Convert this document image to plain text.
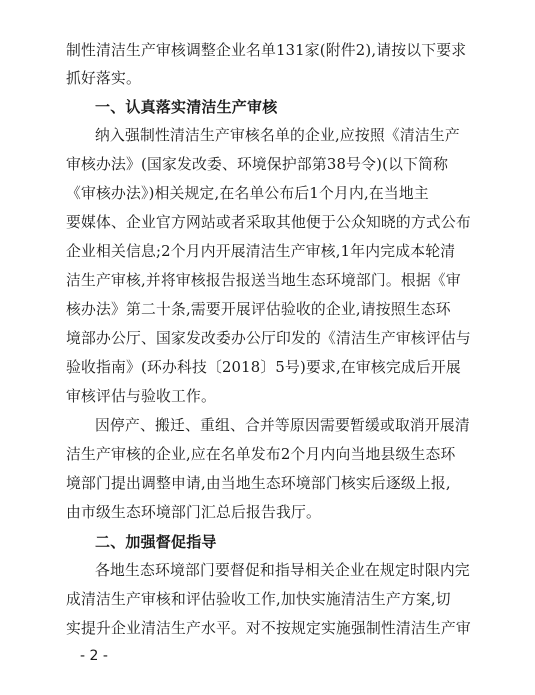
制性清洁生产审核调整企业名单131家(附件2),请按以下要求
抓好落实。
一、认真落实清洁生产审核
纳入强制性清洁生产审核名单的企业,应按照《清洁生产
审核办法》(国家发改委、环境保护部第38号令)(以下简称
《审核办法》)相关规定,在名单公布后1个月内,在当地主
要媒体、企业官方网站或者采取其他便于公众知晓的方式公布
企业相关信息;2个月内开展清洁生产审核,1年内完成本轮清
洁生产审核,并将审核报告报送当地生态环境部门。根据《审
核办法》第二十条,需要开展评估验收的企业,请按照生态环
境部办公厅、国家发改委办公厅印发的《清洁生产审核评估与
验收指南》(环办科技〔2018〕5号)要求,在审核完成后开展
审核评估与验收工作。
因停产、搬迁、重组、合并等原因需要暂缓或取消开展清
洁生产审核的企业,应在名单发布2个月内向当地县级生态环
境部门提出调整申请,由当地生态环境部门核实后逐级上报,
由市级生态环境部门汇总后报告我厅。
二、加强督促指导
各地生态环境部门要督促和指导相关企业在规定时限内完
成清洁生产审核和评估验收工作,加快实施清洁生产方案,切
实提升企业清洁生产水平。对不按规定实施强制性清洁生产审
- 2 -
